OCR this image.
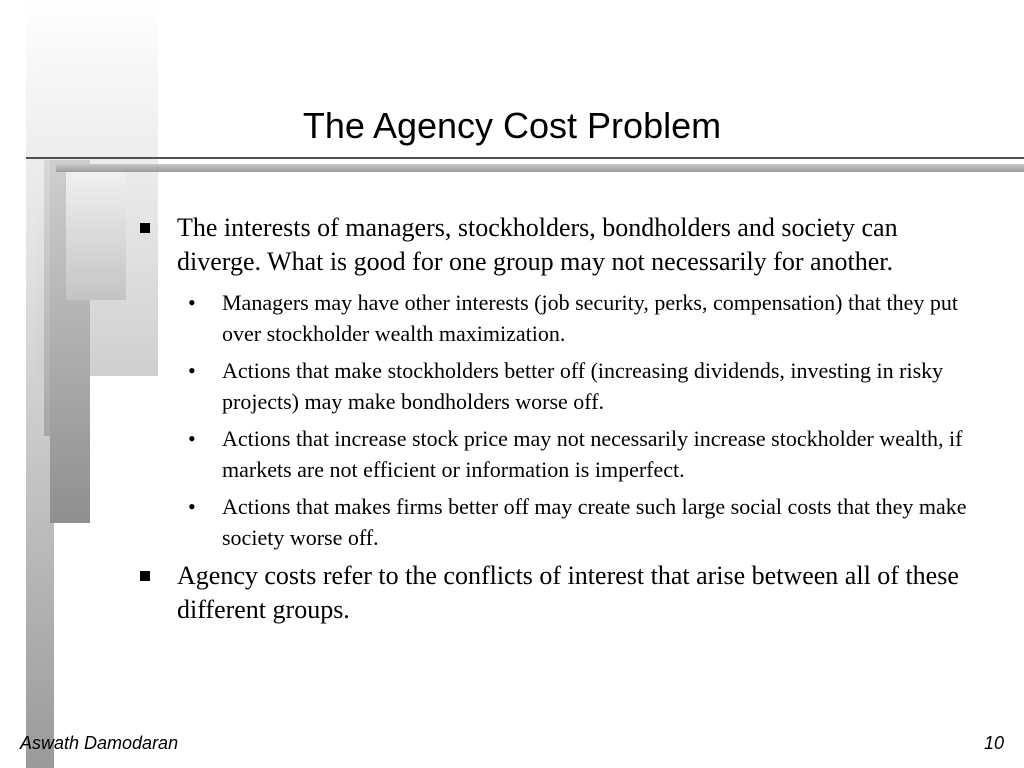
The Agency Cost Problem
The interests of managers, stockholders, bondholders and society can diverge. What is good for one group may not necessarily for another.
• Managers may have other interests (job security, perks, compensation) that they put over stockholder wealth maximization.
• Actions that make stockholders better off (increasing dividends, investing in risky projects) may make bondholders worse off.
• Actions that increase stock price may not necessarily increase stockholder wealth, if markets are not efficient or information is imperfect.
• Actions that makes firms better off may create such large social costs that they make society worse off.
Agency costs refer to the conflicts of interest that arise between all of these different groups.
Aswath Damodaran	10
